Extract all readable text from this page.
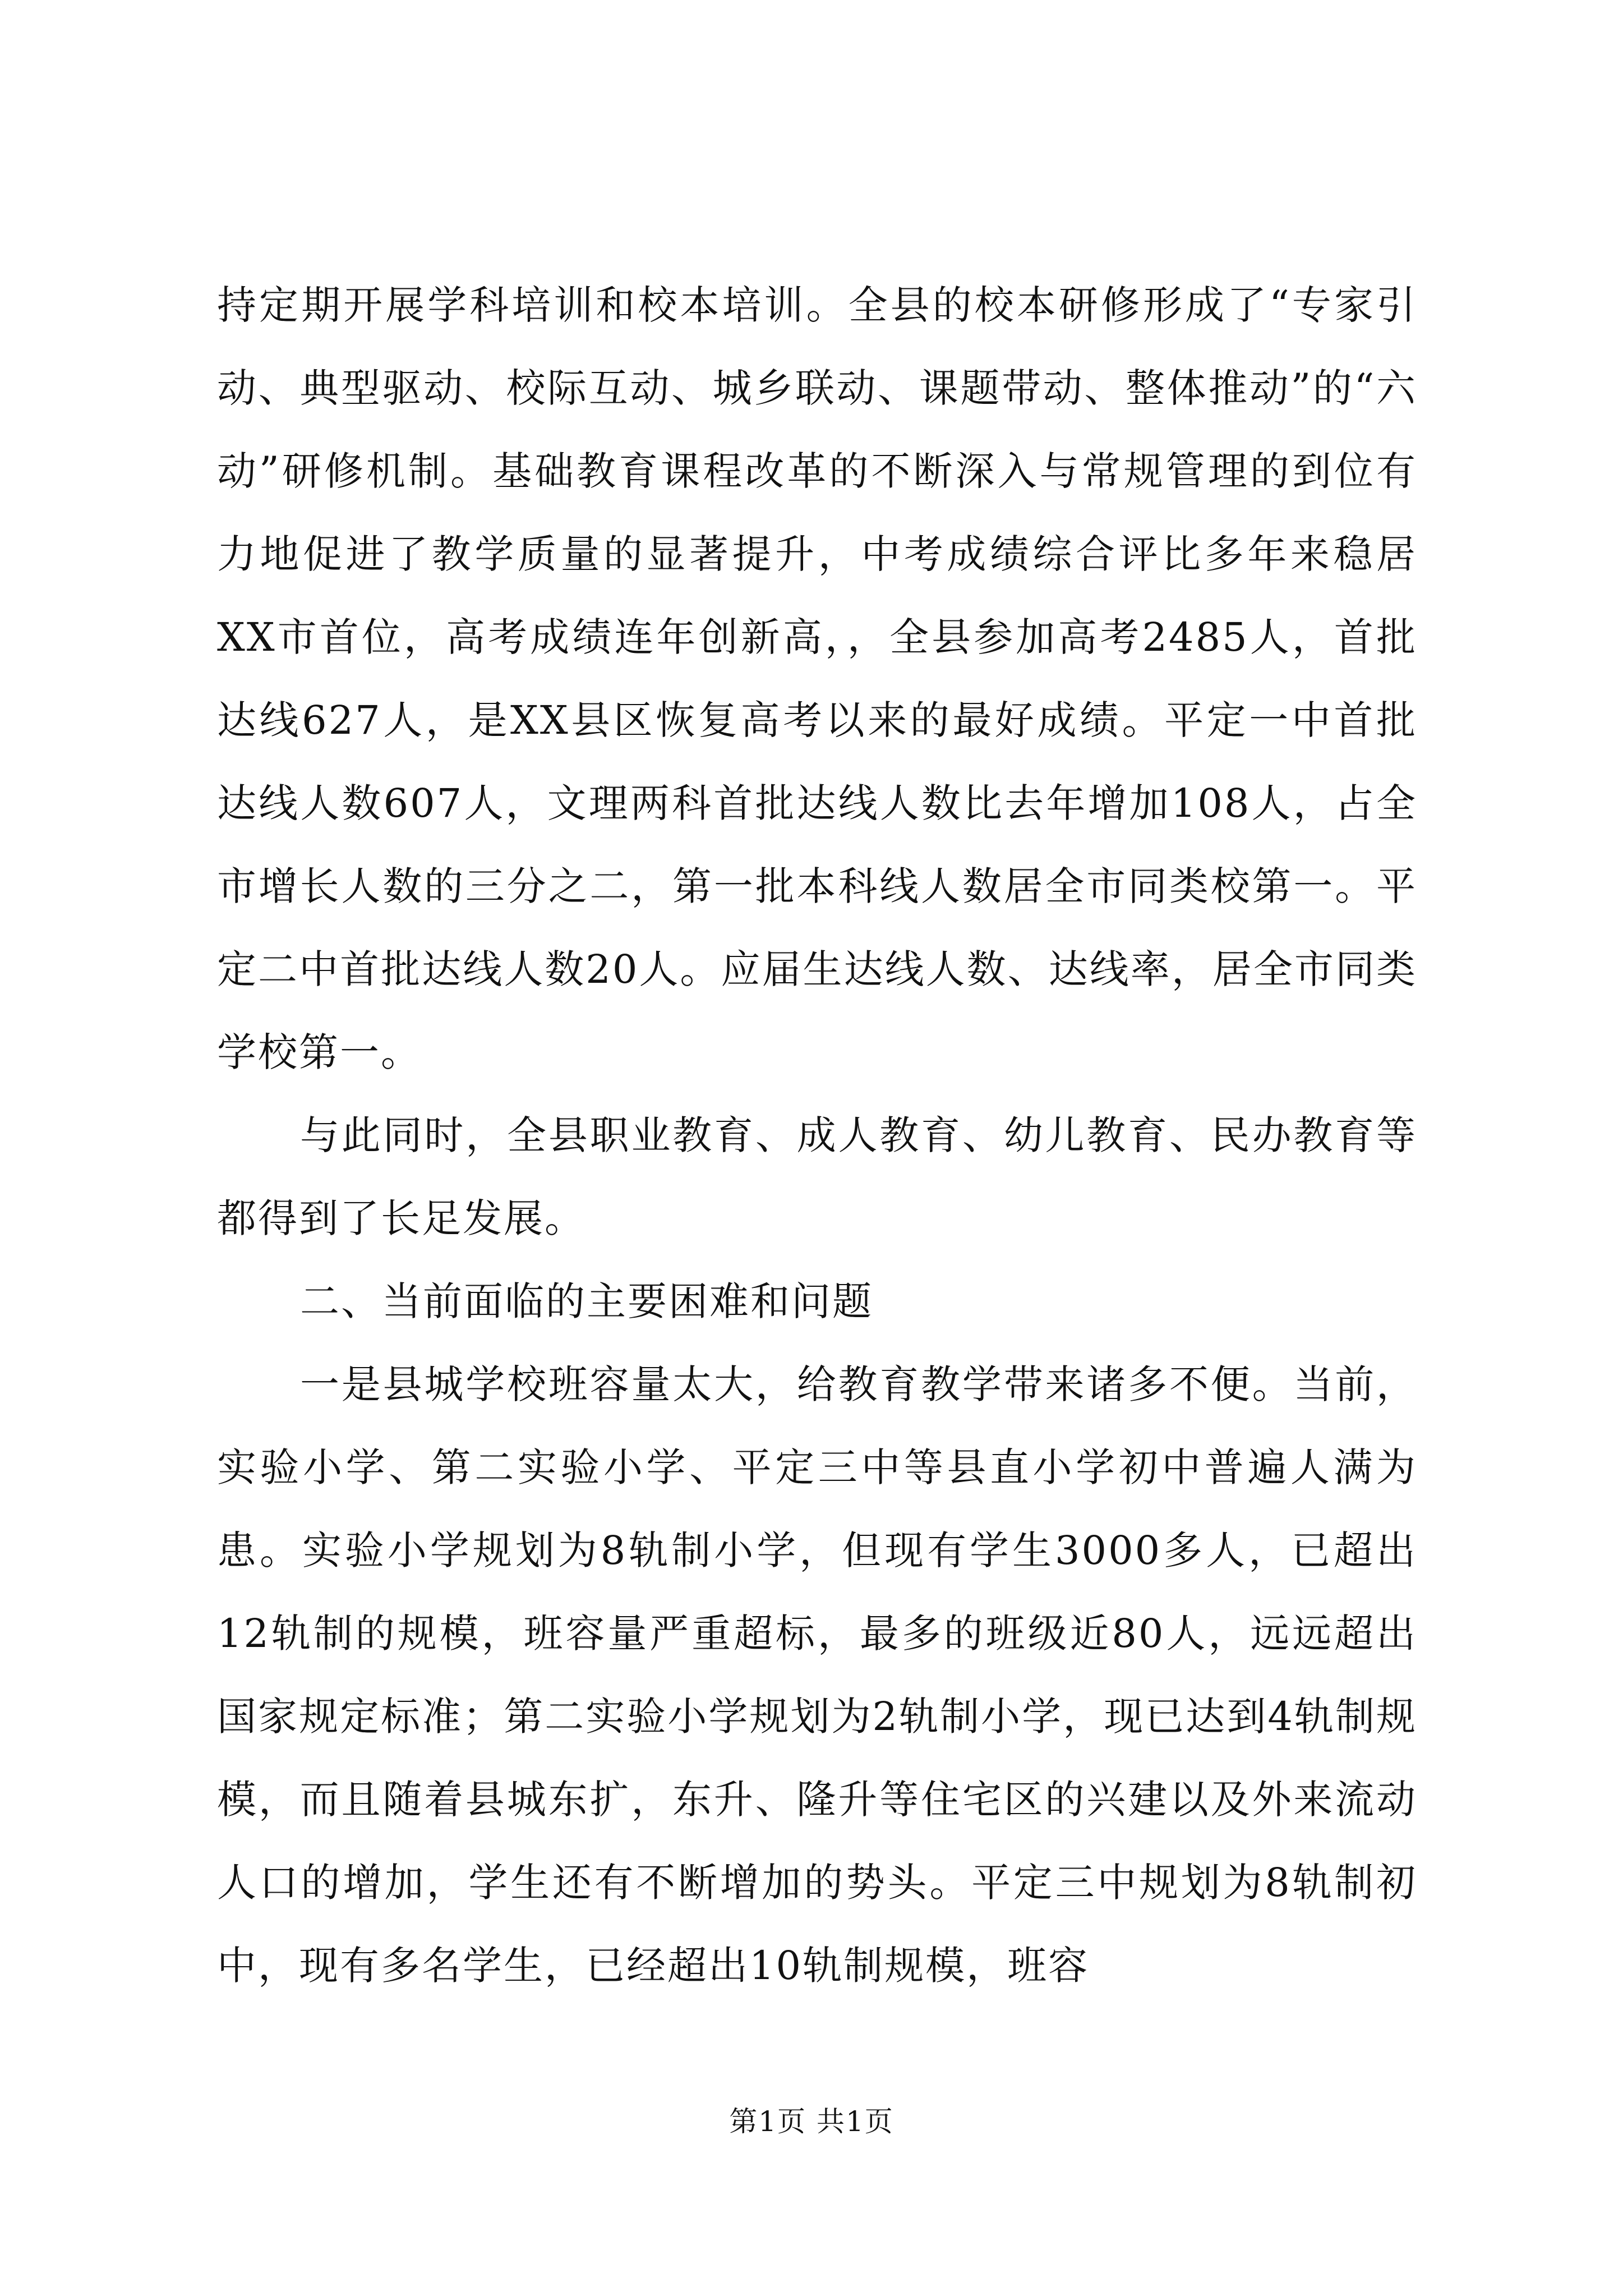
持定期开展学科培训和校本培训。全县的校本研修形成了“专家引动、典型驱动、校际互动、城乡联动、课题带动、整体推动”的“六动”研修机制。基础教育课程改革的不断深入与常规管理的到位有力地促进了教学质量的显著提升，中考成绩综合评比多年来稳居XX市首位，高考成绩连年创新高，，全县参加高考2485人，首批达线627人，是XX县区恢复高考以来的最好成绩。平定一中首批达线人数607人，文理两科首批达线人数比去年增加108人，占全市增长人数的三分之二，第一批本科线人数居全市同类校第一。平定二中首批达线人数20人。应届生达线人数、达线率，居全市同类学校第一。

与此同时，全县职业教育、成人教育、幼儿教育、民办教育等都得到了长足发展。

二、当前面临的主要困难和问题

一是县城学校班容量太大，给教育教学带来诸多不便。当前，实验小学、第二实验小学、平定三中等县直小学初中普遍人满为患。实验小学规划为8轨制小学，但现有学生3000多人，已超出12轨制的规模，班容量严重超标，最多的班级近80人，远远超出国家规定标准；第二实验小学规划为2轨制小学，现已达到4轨制规模，而且随着县城东扩，东升、隆升等住宅区的兴建以及外来流动人口的增加，学生还有不断增加的势头。平定三中规划为8轨制初中，现有多名学生，已经超出10轨制规模，班容

第1页 共1页
